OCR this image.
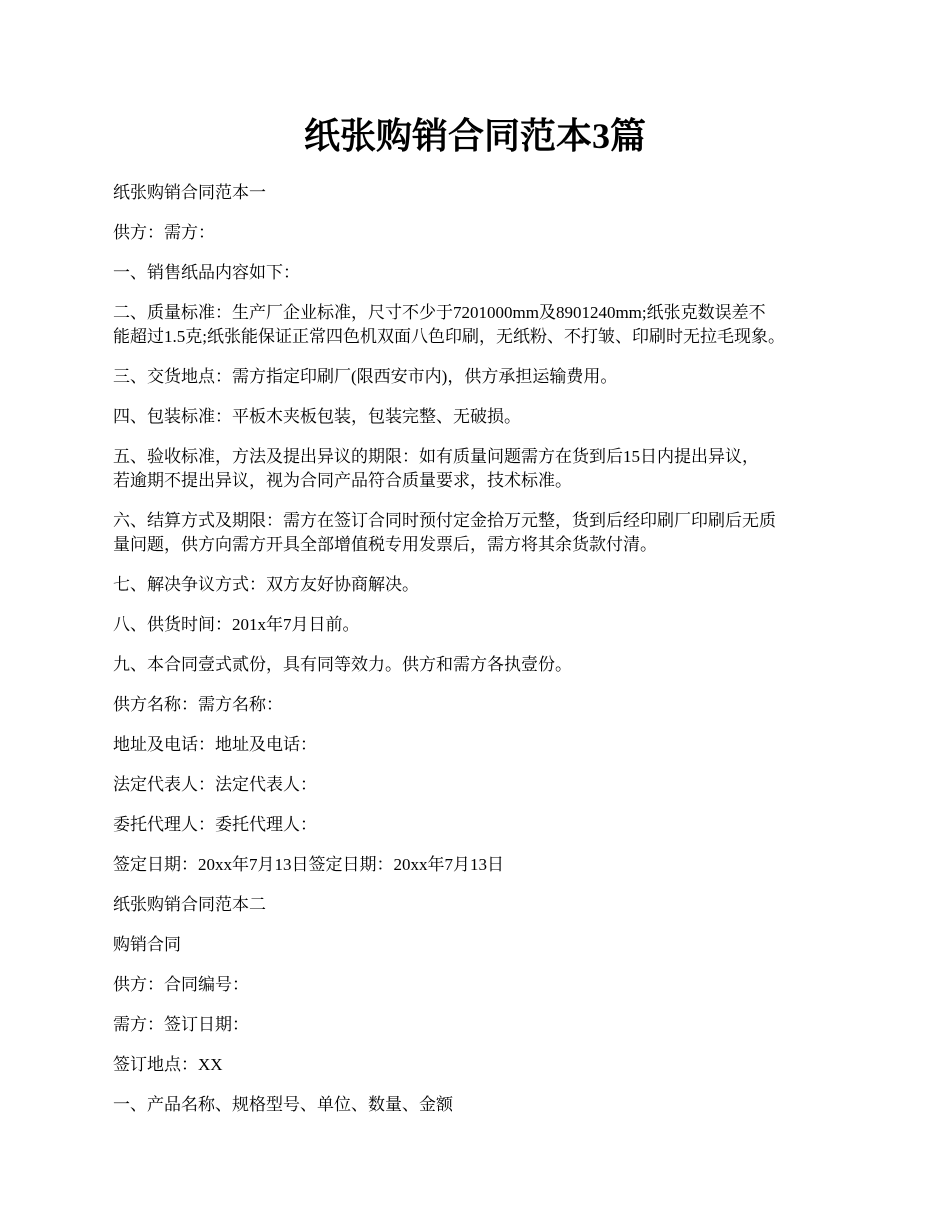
纸张购销合同范本3篇

纸张购销合同范本一

供方：需方：

一、销售纸品内容如下：

二、质量标准：生产厂企业标准，尺寸不少于7201000mm及8901240mm;纸张克数误差不
能超过1.5克;纸张能保证正常四色机双面八色印刷，无纸粉、不打皱、印刷时无拉毛现象。

三、交货地点：需方指定印刷厂(限西安市内)，供方承担运输费用。

四、包装标准：平板木夹板包装，包装完整、无破损。

五、验收标准，方法及提出异议的期限：如有质量问题需方在货到后15日内提出异议，
若逾期不提出异议，视为合同产品符合质量要求，技术标准。

六、结算方式及期限：需方在签订合同时预付定金拾万元整，货到后经印刷厂印刷后无质
量问题，供方向需方开具全部增值税专用发票后，需方将其余货款付清。

七、解决争议方式：双方友好协商解决。

八、供货时间：201x年7月日前。

九、本合同壹式贰份，具有同等效力。供方和需方各执壹份。

供方名称：需方名称：

地址及电话：地址及电话：

法定代表人：法定代表人：

委托代理人：委托代理人：

签定日期：20xx年7月13日签定日期：20xx年7月13日

纸张购销合同范本二

购销合同

供方：合同编号：

需方：签订日期：

签订地点：XX

一、产品名称、规格型号、单位、数量、金额
